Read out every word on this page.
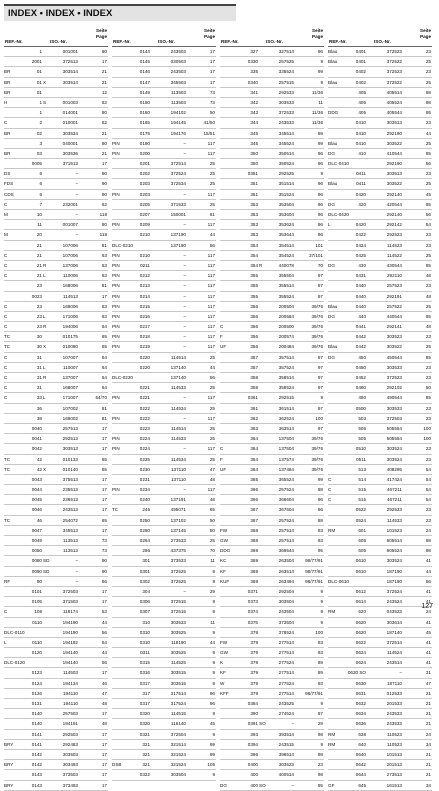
INDEX • INDEX • INDEX
REF.-Nr.	ISO.-Nr.
Seite
Page
1	001001	80
2001	372513	17
BR	01	303514	21
BR	01 X	303514	21
BR	01	12
H	1 S	001003	62
1	014001	80
C	2	010001	62
BR	02	303534	21
3	040001	80
BR	03	303536	21
0005	371513	17
DS	6	–	90
FDS	6	–	90
CDS	6	–	90
C	7	232001	62
M	10	–	118
11	001007	80
M	20	–	118
21	107006	81
C	21	107006	63
C	21 R	137006	63
C	21 L	110006	63
23	168006	81
0023	114513	17
C	23	168006	63
C	23 L	171006	63
C	23 R	194006	64
TC	30	010175	65
TC	30 X	010080	65
C	31	107007	64
C	31 L	110007	64
C	31 R	137007	64
C	31	168007	64
C	33 L	171007	64/70
36	107002	81
38	168002	81
0040	257513	17
0041	292513	17
0042	303513	17
TC	42	010133	65
TC	42 X	010140	65
0043	375513	17
0044	235513	17
0045	236513	17
0046	243513	17
TC	46	254072	65
0047	345513	17
0049	113513	73
0050	113513	73
0080 SD	–	90
0090 SD	–	90
RF	90	–	66
0101	372503	17
0105	371503	17
C	108	118174	53
0110	194190	44
DLC-0110	194190	56
L	0110	194192	54
0120	194140	44
DLC-0120	194140	56
0123	114503	17
0124	194134	46
0126	194110	47
0131	194110	48
0140	257503	17
0140	194191	48
0141	292503	17
BRY	0141	292483	17
0142	303503	17
BRY	0142	303493	17
0143	373503	17
BRY	0143	373493	17
REF.-Nr.	ISO.-Nr.
Seite
Page
0144	243503	17
0145	030503	17
0146	243503	17
0147	345503	17
0149	113503	73
0150	113503	73
0160	194102	50
0165	194145	41/50
0175	194176	15/51
PIN	0190	–	117
PIN	0200	–	117
0201	372514	25
0202	372524	25
0203	372534	25
PIN	0203	–	117
0205	371533	25
0207	150001	81
PIN	0209	–	117
0210	137190	44
DLC-0210	137190	56
PIN	0210	–	117
PIN	0211	–	117
PIN	0212	–	117
PIN	0213	–	117
PIN	0214	–	117
PIN	0215	–	117
PIN	0216	–	117
PIN	0217	–	117
PIN	0218	–	117
PIN	0219	–	117
0220	114514	25
0220	137140	44
DLC-0220	137140	56
0221	114533	25
PIN	0221	–	117
0222	114534	25
PIN	0222	–	117
0223	114514	25
PIN	0224	114533	25
PIN	0224	–	117
0225	114534	25
0230	137110	47
0231	137110	48
PIN	0234	–	117
0240	137191	48
TC	246	495071	65
0250	137102	50
0260	137145	50
0264	273533	25
286	437375	70
301	373533	11
0301	372525	9
0302	372525	9
304	–	29
0306	372515	9
0307	372515	9
310	303533	11
0310	303525	9
0310	118190	44
0311	303525	9
0315	114525	9
0316	303515	9
0317	303515	9
317	317514	96
0317	317524	96
0320	114515	9
0320	116140	45
0321	372504	9
321	321514	99
321	321524	99
DSB	321	321524	105
0322	303504	9
REF.-Nr.	ISO.-Nr.
Seite
Page
327	327514	96
0330	257525	9
335	335524	99
0340	257515	9
341	292533	11/36
342	303533	11
343	372533	11/36
344	243533	11/36
345	345514	99
345	345524	99
350	350514	96
350	350524	96
0351	292525	9
351	351514	96
351	351524	96
353	353504	96
353	353604	96
353	353624	96
353	353644	96
354	354514	101
354	354524	37/101
354 R	440078	70
355	355504	97
355	355514	97
355	355524	97
356	200504	39/76
356	200584	39/76
C	356	200500	39/76
F	356	200574	39/76
UF	356	200484	39/76
357	357514	97
357	357524	97
358	358514	97
358	358524	97
0361	292515	9
361	361514	97
362	362524	100
363	363514	97
364	137504	39/76
C	364	137504	39/76
F	364	137574	39/76
UF	364	137484	39/76
365	365524	99
366	257524	88
366	366604	96
367	367504	96
367	257524	88
FW	368	257514	93
GW	368	257514	93
DDG	369	369544	95
KC	369	263504 98/77/91
KF	369	263514 98/77/91
KUF	369	263494 98/77/91
0371	292504	9
0373	303504	9
0374	243504	9
0375	373504	9
378	378524	100
FW	379	277514	93
GW	379	277514	93
K	379	277524	89
KF	379	277514	89
W	379	277524	93
KFF	379	277514 98/77/91
0384	243525	9
390	274524	87
0391 SO	–	29
393	393514	98
0394	243515	9
396	396514	98
0400	303523	23
400	400514	98
DG	400 SO	–	95
REF.-Nr.	ISO.-Nr.
Seite
Page
Blau	0401	372523	23
Blau	0401	372522	25
0402	372523	23
Blau	0402	372522	25
405	405514	98
405	405524	98
DDG	405	405544	95
0410	303513	23
0410	292190	44
Blau	0410	303522	25
DG	410	410544	85
DLC-0410	292190	56
0411	303513	23
Blau	0411	303522	25
0420	292140	45
DG	420	420544	85
DLC-0420	292140	56
L	0420	292142	54
0422	292523	23
0424	114523	23
0425	114522	25
DG	430	430544	85
0431	292110	48
0440	257523	23
0440	292191	48
Blau	0440	257522	25
DG	440	440544	85
0441	292141	48
0442	303523	23
Blau	0442	303522	25
DG	450	450544	85
0450	303533	23
0452	372523	23
0460	292102	50
490	490544	85
0500	303533	23
503	372503	23
505	505554	100
505	505554	100
0510	303524	23
0511	303524	23
513	408295	54
C	514	417424	54
C	515	467211	54
C	515	467211	54
0522	292533	23
0524	114533	23
RM	601	101523	24
605	605514	98
605	605524	98
0610	303524	41
0610	187190	44
DLC-0610	187190	56
0612	372524	41
0614	243524	41
RM	620	043523	24
0620	303614	41
0620	187140	45
0622	372514	41
0624	114524	41
0624	243514	41
0630 SO	–	31
0630	187110	47
0631	012533	21
0632	201533	21
0634	243533	21
0636	243533	21
RM	638	110523	24
RM	640	110523	34
0640	101513	21
0642	201513	21
0644	273513	21
GF	645	161513	34
127
